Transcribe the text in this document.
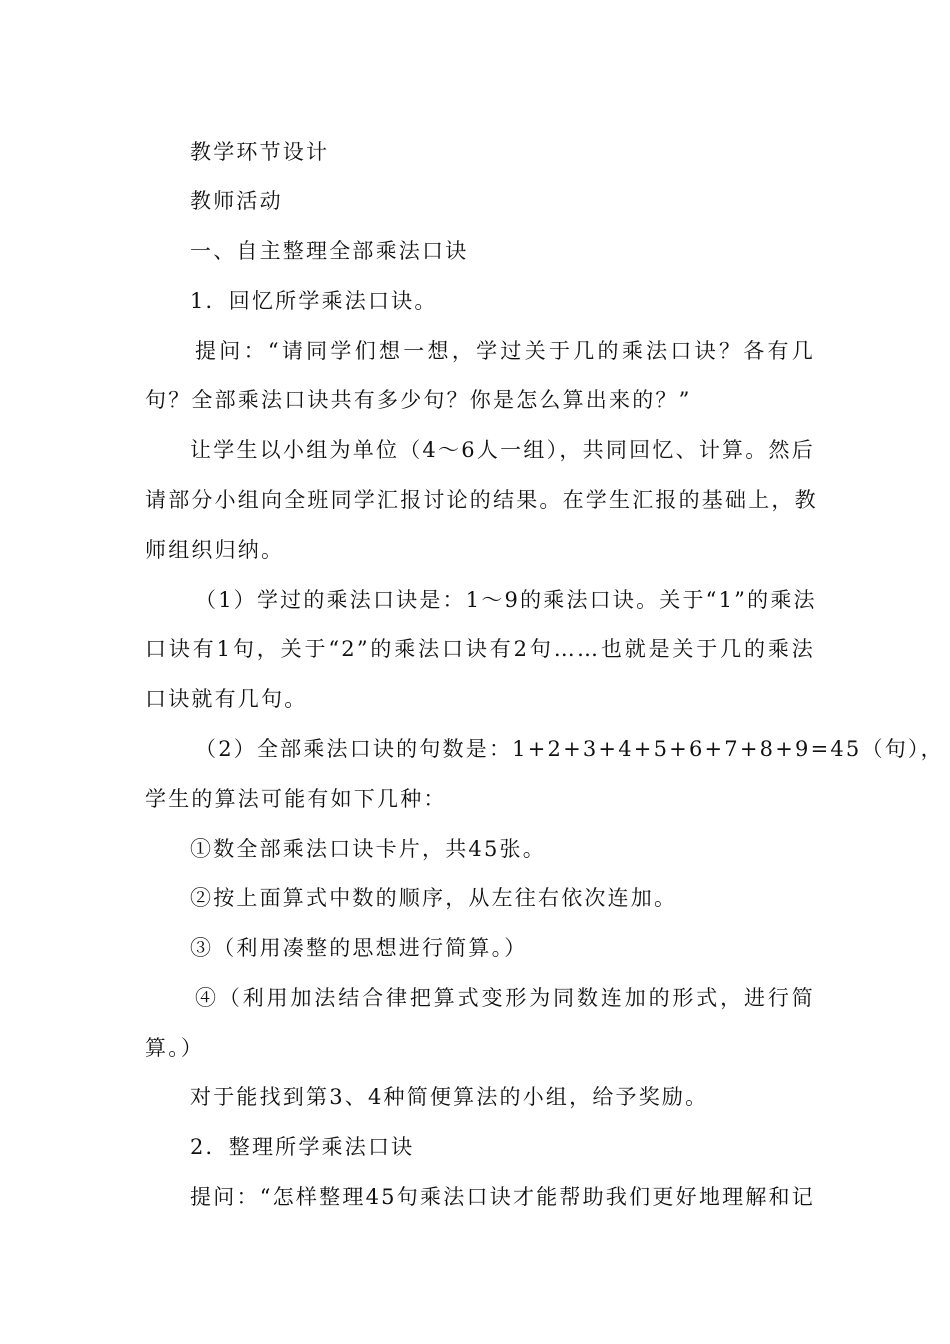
教学环节设计
教师活动
一、自主整理全部乘法口诀
1．回忆所学乘法口诀。
提问：“请同学们想一想，学过关于几的乘法口诀？各有几
句？全部乘法口诀共有多少句？你是怎么算出来的？”
让学生以小组为单位（4～6人一组），共同回忆、计算。然后
请部分小组向全班同学汇报讨论的结果。在学生汇报的基础上，教
师组织归纳。
（1）学过的乘法口诀是：1～9的乘法口诀。关于“1”的乘法
口诀有1句，关于“2”的乘法口诀有2句……也就是关于几的乘法
口诀就有几句。
（2）全部乘法口诀的句数是：1+2+3+4+5+6+7+8+9=45（句），
学生的算法可能有如下几种：
①数全部乘法口诀卡片，共45张。
②按上面算式中数的顺序，从左往右依次连加。
③（利用凑整的思想进行简算。）
④（利用加法结合律把算式变形为同数连加的形式，进行简
算。）
对于能找到第3、4种简便算法的小组，给予奖励。
2．整理所学乘法口诀
提问：“怎样整理45句乘法口诀才能帮助我们更好地理解和记
